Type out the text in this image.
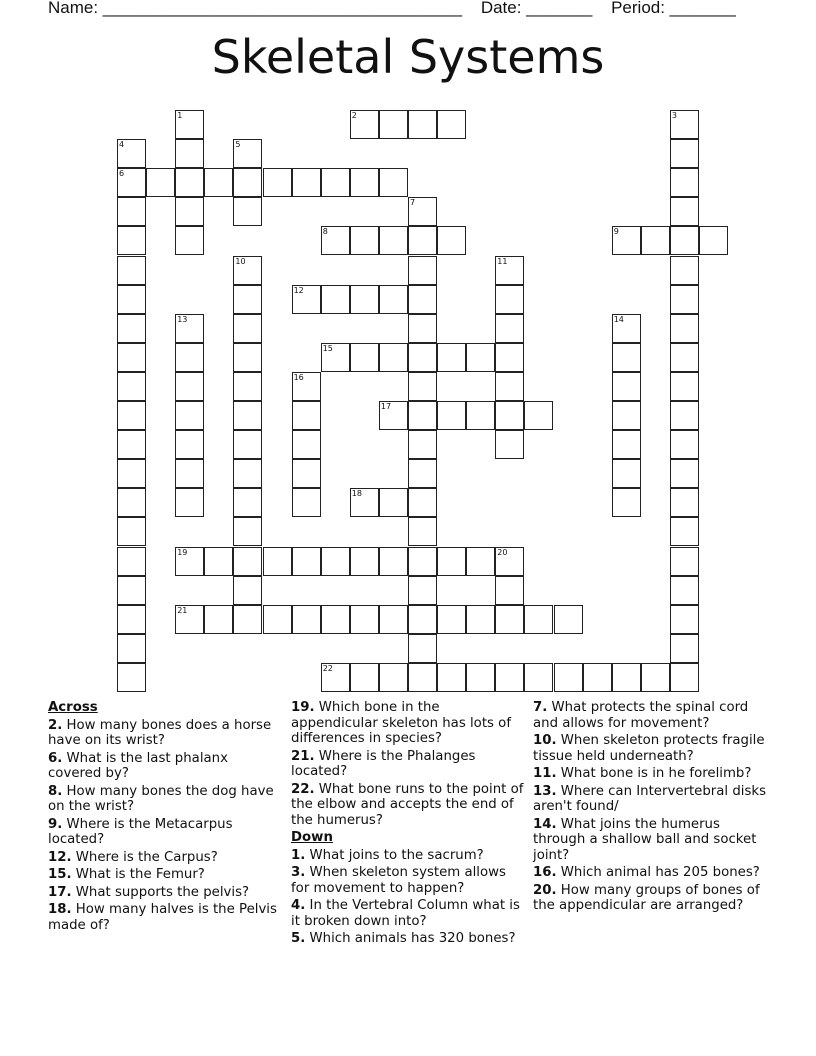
Name: ______________________________________ Date: _______ Period: _______
Skeletal Systems
1	2	3
4	5
6
7
8	9
10	11
12
13	14
15
16
17
18
19	20
21
22
Across
2. How many bones does a horse have on its wrist?
6. What is the last phalanx covered by?
8. How many bones the dog have on the wrist?
9. Where is the Metacarpus located?
12. Where is the Carpus?
15. What is the Femur?
17. What supports the pelvis?
18. How many halves is the Pelvis made of?
19. Which bone in the appendicular skeleton has lots of differences in species?
21. Where is the Phalanges located?
22. What bone runs to the point of the elbow and accepts the end of the humerus?
Down
1. What joins to the sacrum?
3. When skeleton system allows for movement to happen?
4. In the Vertebral Column what is it broken down into?
5. Which animals has 320 bones?
7. What protects the spinal cord and allows for movement?
10. When skeleton protects fragile tissue held underneath?
11. What bone is in he forelimb?
13. Where can Intervertebral disks aren't found/
14. What joins the humerus through a shallow ball and socket joint?
16. Which animal has 205 bones?
20. How many groups of bones of the appendicular are arranged?
